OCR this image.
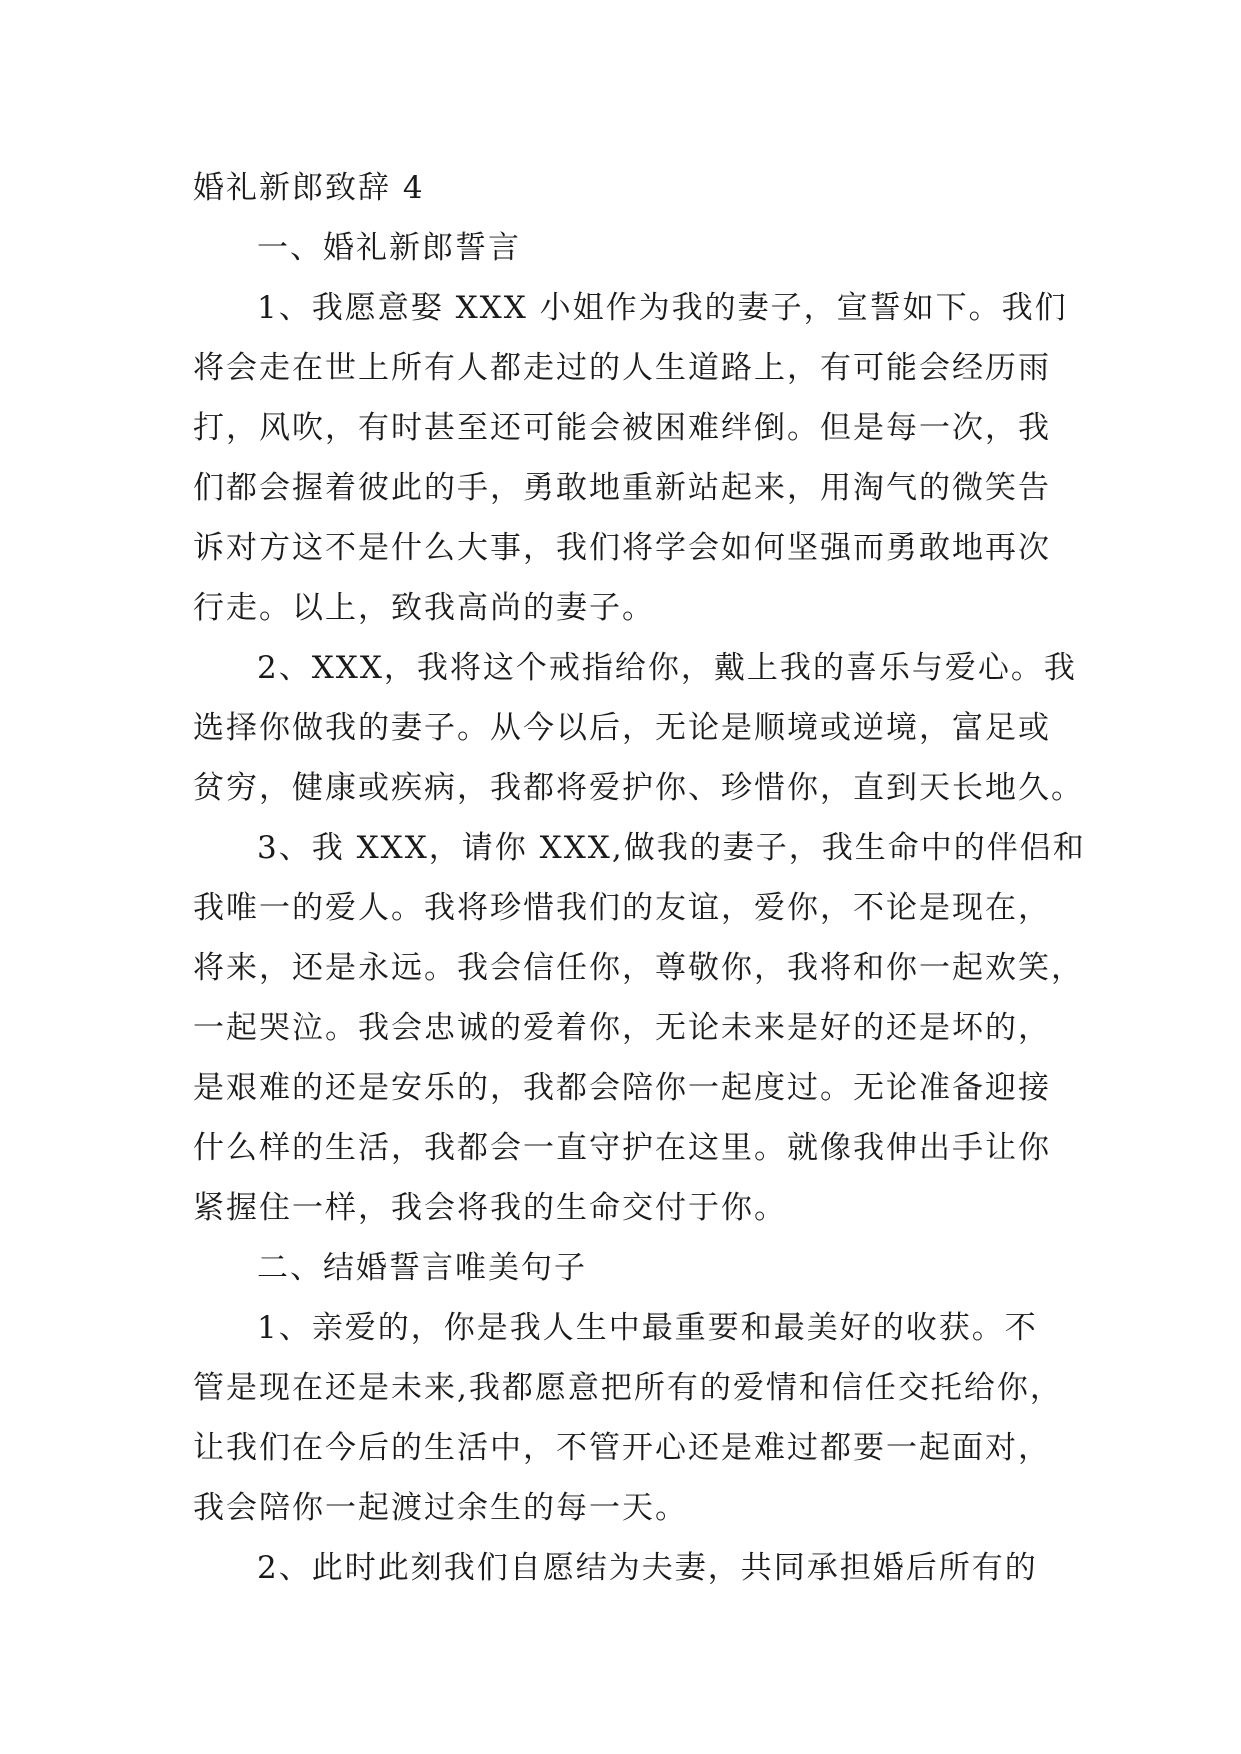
婚礼新郎致辞 4
一、婚礼新郎誓言
1、我愿意娶 XXX 小姐作为我的妻子，宣誓如下。我们
将会走在世上所有人都走过的人生道路上，有可能会经历雨
打，风吹，有时甚至还可能会被困难绊倒。但是每一次，我
们都会握着彼此的手，勇敢地重新站起来，用淘气的微笑告
诉对方这不是什么大事，我们将学会如何坚强而勇敢地再次
行走。以上，致我高尚的妻子。
2、XXX，我将这个戒指给你，戴上我的喜乐与爱心。我
选择你做我的妻子。从今以后，无论是顺境或逆境，富足或
贫穷，健康或疾病，我都将爱护你、珍惜你，直到天长地久。
3、我 XXX，请你 XXX,做我的妻子，我生命中的伴侣和
我唯一的爱人。我将珍惜我们的友谊，爱你，不论是现在，
将来，还是永远。我会信任你，尊敬你，我将和你一起欢笑，
一起哭泣。我会忠诚的爱着你，无论未来是好的还是坏的，
是艰难的还是安乐的，我都会陪你一起度过。无论准备迎接
什么样的生活，我都会一直守护在这里。就像我伸出手让你
紧握住一样，我会将我的生命交付于你。
二、结婚誓言唯美句子
1、亲爱的，你是我人生中最重要和最美好的收获。不
管是现在还是未来,我都愿意把所有的爱情和信任交托给你，
让我们在今后的生活中，不管开心还是难过都要一起面对，
我会陪你一起渡过余生的每一天。
2、此时此刻我们自愿结为夫妻，共同承担婚后所有的
